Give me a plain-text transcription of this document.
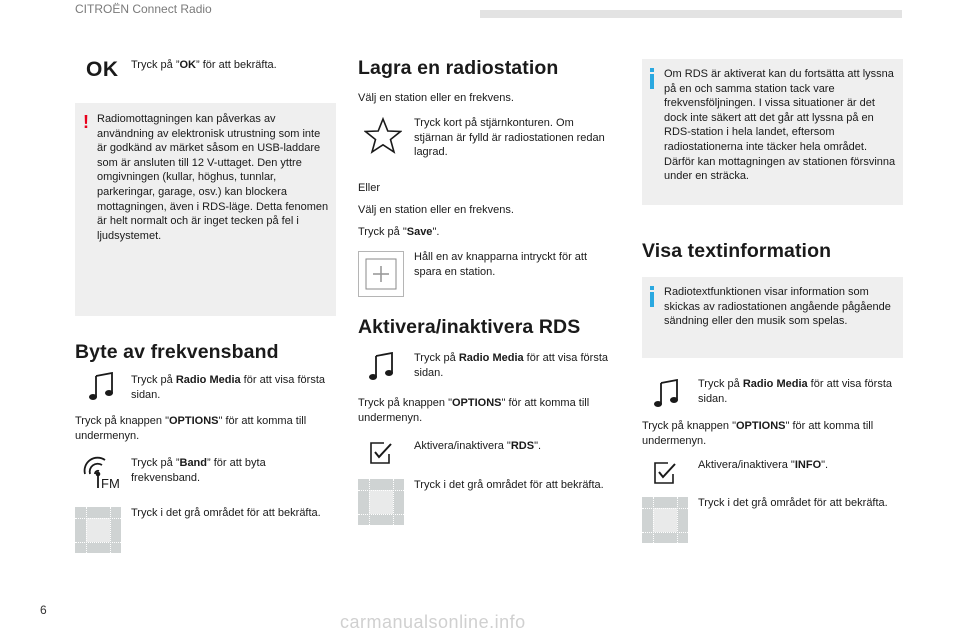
CITROËN Connect Radio
OK Tryck på ”OK” för att bekräfta.
! Radiomottagningen kan påverkas av användning av elektronisk utrustning som inte är godkänd av märket såsom en USB-laddare som är ansluten till 12 V-uttaget. Den yttre omgivningen (kullar, höghus, tunnlar, parkeringar, garage, osv.) kan blockera mottagningen, även i RDS-läge. Detta fenomen är helt normalt och är inget tecken på fel i ljudsystemet.
Byte av frekvensband
Tryck på Radio Media för att visa första sidan.
Tryck på knappen "OPTIONS" för att komma till undermenyn.
FM
Tryck på ”Band” för att byta frekvensband.
Tryck i det grå området för att bekräfta.
Lagra en radiostation
Välj en station eller en frekvens.
Tryck kort på stjärnkonturen. Om stjärnan är fylld är radiostationen redan lagrad.
Eller
Välj en station eller en frekvens.
Tryck på "Save".
Håll en av knapparna intryckt för att spara en station.
Aktivera/inaktivera RDS
Tryck på Radio Media för att visa första sidan.
Tryck på knappen "OPTIONS" för att komma till undermenyn.
Aktivera/inaktivera "RDS".
Tryck i det grå området för att bekräfta.
Om RDS är aktiverat kan du fortsätta att lyssna på en och samma station tack vare frekvensföljningen. I vissa situationer är det dock inte säkert att det går att lyssna på en RDS-station i hela landet, eftersom radiostationerna inte täcker hela området. Därför kan mottagningen av stationen försvinna under en sträcka.
Visa textinformation
Radiotextfunktionen visar information som skickas av radiostationen angående pågående sändning eller den musik som spelas.
Tryck på Radio Media för att visa första sidan.
Tryck på knappen "OPTIONS" för att komma till undermenyn.
Aktivera/inaktivera "INFO".
Tryck i det grå området för att bekräfta.
6
carmanualsonline.info
